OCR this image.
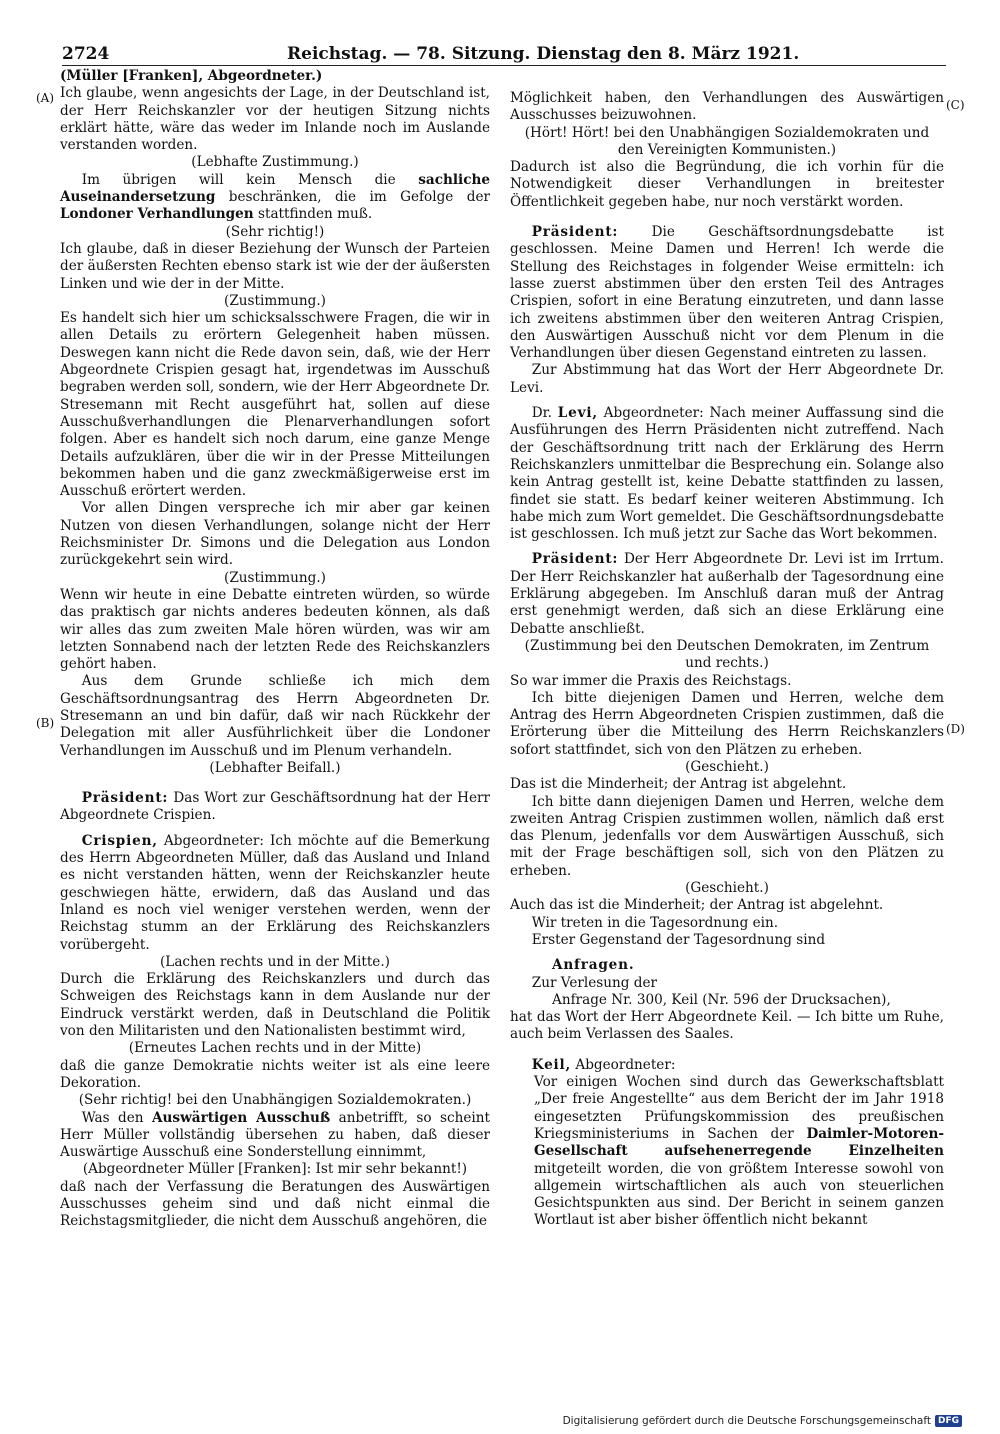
2724	Reichstag. — 78. Sitzung. Dienstag den 8. März 1921.
(A)
(B)
(C)
(D)

(Müller [Franken], Abgeordneter.)

Ich glaube, wenn angesichts der Lage, in der Deutschland ist, der Herr Reichskanzler vor der heutigen Sitzung nichts erklärt hätte, wäre das weder im Inlande noch im Auslande verstanden worden.

(Lebhafte Zustimmung.)

Im übrigen will kein Mensch die sachliche Auseinandersetzung beschränken, die im Gefolge der Londoner Verhandlungen stattfinden muß.

(Sehr richtig!)

Ich glaube, daß in dieser Beziehung der Wunsch der Parteien der äußersten Rechten ebenso stark ist wie der der äußersten Linken und wie der in der Mitte.

(Zustimmung.)

Es handelt sich hier um schicksalsschwere Fragen, die wir in allen Details zu erörtern Gelegenheit haben müssen. Deswegen kann nicht die Rede davon sein, daß, wie der Herr Abgeordnete Crispien gesagt hat, irgendetwas im Ausschuß begraben werden soll, sondern, wie der Herr Abgeordnete Dr. Stresemann mit Recht ausgeführt hat, sollen auf diese Ausschußverhandlungen die Plenarverhandlungen sofort folgen. Aber es handelt sich noch darum, eine ganze Menge Details aufzuklären, über die wir in der Presse Mitteilungen bekommen haben und die ganz zweckmäßigerweise erst im Ausschuß erörtert werden.

Vor allen Dingen verspreche ich mir aber gar keinen Nutzen von diesen Verhandlungen, solange nicht der Herr Reichsminister Dr. Simons und die Delegation aus London zurückgekehrt sein wird.

(Zustimmung.)

Wenn wir heute in eine Debatte eintreten würden, so würde das praktisch gar nichts anderes bedeuten können, als daß wir alles das zum zweiten Male hören würden, was wir am letzten Sonnabend nach der letzten Rede des Reichskanzlers gehört haben.

Aus dem Grunde schließe ich mich dem Geschäftsordnungsantrag des Herrn Abgeordneten Dr. Stresemann an und bin dafür, daß wir nach Rückkehr der Delegation mit aller Ausführlichkeit über die Londoner Verhandlungen im Ausschuß und im Plenum verhandeln.

(Lebhafter Beifall.)

Präsident: Das Wort zur Geschäftsordnung hat der Herr Abgeordnete Crispien.

Crispien, Abgeordneter: Ich möchte auf die Bemerkung des Herrn Abgeordneten Müller, daß das Ausland und Inland es nicht verstanden hätten, wenn der Reichskanzler heute geschwiegen hätte, erwidern, daß das Ausland und das Inland es noch viel weniger verstehen werden, wenn der Reichstag stumm an der Erklärung des Reichskanzlers vorübergeht.

(Lachen rechts und in der Mitte.)

Durch die Erklärung des Reichskanzlers und durch das Schweigen des Reichstags kann in dem Auslande nur der Eindruck verstärkt werden, daß in Deutschland die Politik von den Militaristen und den Nationalisten bestimmt wird,

(Erneutes Lachen rechts und in der Mitte)

daß die ganze Demokratie nichts weiter ist als eine leere Dekoration.

(Sehr richtig! bei den Unabhängigen Sozialdemokraten.)

Was den Auswärtigen Ausschuß anbetrifft, so scheint Herr Müller vollständig übersehen zu haben, daß dieser Auswärtige Ausschuß eine Sonderstellung einnimmt,

(Abgeordneter Müller [Franken]: Ist mir sehr bekannt!)

daß nach der Verfassung die Beratungen des Auswärtigen Ausschusses geheim sind und daß nicht einmal die Reichstagsmitglieder, die nicht dem Ausschuß angehören, die

Möglichkeit haben, den Verhandlungen des Auswärtigen Ausschusses beizuwohnen.

(Hört! Hört! bei den Unabhängigen Sozialdemokraten und den Vereinigten Kommunisten.)

Dadurch ist also die Begründung, die ich vorhin für die Notwendigkeit dieser Verhandlungen in breitester Öffentlichkeit gegeben habe, nur noch verstärkt worden.

Präsident: Die Geschäftsordnungsdebatte ist geschlossen. Meine Damen und Herren! Ich werde die Stellung des Reichstages in folgender Weise ermitteln: ich lasse zuerst abstimmen über den ersten Teil des Antrages Crispien, sofort in eine Beratung einzutreten, und dann lasse ich zweitens abstimmen über den weiteren Antrag Crispien, den Auswärtigen Ausschuß nicht vor dem Plenum in die Verhandlungen über diesen Gegenstand eintreten zu lassen.

Zur Abstimmung hat das Wort der Herr Abgeordnete Dr. Levi.

Dr. Levi, Abgeordneter: Nach meiner Auffassung sind die Ausführungen des Herrn Präsidenten nicht zutreffend. Nach der Geschäftsordnung tritt nach der Erklärung des Herrn Reichskanzlers unmittelbar die Besprechung ein. Solange also kein Antrag gestellt ist, keine Debatte stattfinden zu lassen, findet sie statt. Es bedarf keiner weiteren Abstimmung. Ich habe mich zum Wort gemeldet. Die Geschäftsordnungsdebatte ist geschlossen. Ich muß jetzt zur Sache das Wort bekommen.

Präsident: Der Herr Abgeordnete Dr. Levi ist im Irrtum. Der Herr Reichskanzler hat außerhalb der Tagesordnung eine Erklärung abgegeben. Im Anschluß daran muß der Antrag erst genehmigt werden, daß sich an diese Erklärung eine Debatte anschließt.

(Zustimmung bei den Deutschen Demokraten, im Zentrum und rechts.)

So war immer die Praxis des Reichstags.

Ich bitte diejenigen Damen und Herren, welche dem Antrag des Herrn Abgeordneten Crispien zustimmen, daß die Erörterung über die Mitteilung des Herrn Reichskanzlers sofort stattfindet, sich von den Plätzen zu erheben.

(Geschieht.)

Das ist die Minderheit; der Antrag ist abgelehnt.

Ich bitte dann diejenigen Damen und Herren, welche dem zweiten Antrag Crispien zustimmen wollen, nämlich daß erst das Plenum, jedenfalls vor dem Auswärtigen Ausschuß, sich mit der Frage beschäftigen soll, sich von den Plätzen zu erheben.

(Geschieht.)

Auch das ist die Minderheit; der Antrag ist abgelehnt.

Wir treten in die Tagesordnung ein.

Erster Gegenstand der Tagesordnung sind

Anfragen.

Zur Verlesung der

Anfrage Nr. 300, Keil (Nr. 596 der Drucksachen),

hat das Wort der Herr Abgeordnete Keil. — Ich bitte um Ruhe, auch beim Verlassen des Saales.

Keil, Abgeordneter:

Vor einigen Wochen sind durch das Gewerkschaftsblatt „Der freie Angestellte“ aus dem Bericht der im Jahr 1918 eingesetzten Prüfungskommission des preußischen Kriegsministeriums in Sachen der Daimler-Motoren-Gesellschaft aufsehenerregende Einzelheiten mitgeteilt worden, die von größtem Interesse sowohl von allgemein wirtschaftlichen als auch von steuerlichen Gesichtspunkten aus sind. Der Bericht in seinem ganzen Wortlaut ist aber bisher öffentlich nicht bekannt

Digitalisierung gefördert durch die Deutsche Forschungsgemeinschaft DFG
